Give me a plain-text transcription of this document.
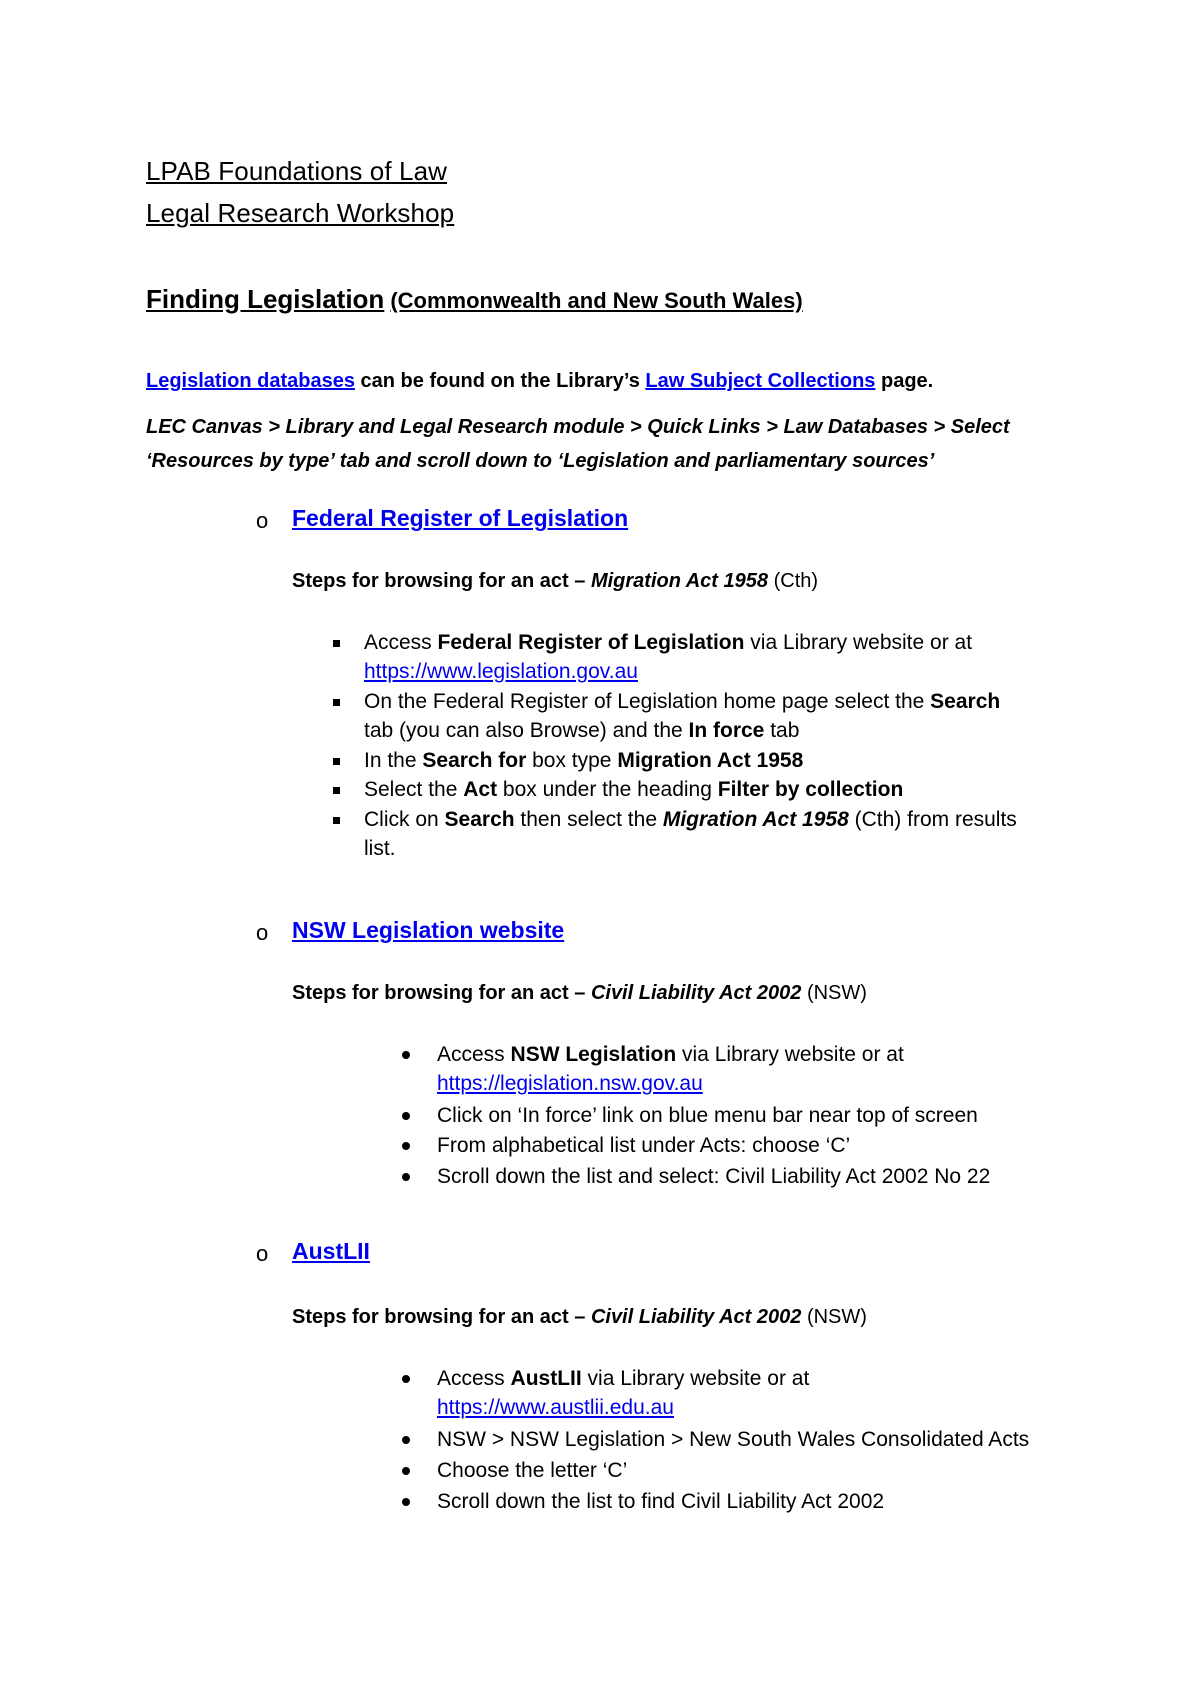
LPAB Foundations of Law
Legal Research Workshop
Finding Legislation (Commonwealth and New South Wales)
Legislation databases can be found on the Library’s Law Subject Collections page.
LEC Canvas > Library and Legal Research module > Quick Links > Law Databases > Select
‘Resources by type’ tab and scroll down to ‘Legislation and parliamentary sources’
o Federal Register of Legislation
Steps for browsing for an act – Migration Act 1958 (Cth)
Access Federal Register of Legislation via Library website or at
https://www.legislation.gov.au
On the Federal Register of Legislation home page select the Search
tab (you can also Browse) and the In force tab
In the Search for box type Migration Act 1958
Select the Act box under the heading Filter by collection
Click on Search then select the Migration Act 1958 (Cth) from results
list.
o NSW Legislation website
Steps for browsing for an act – Civil Liability Act 2002 (NSW)
Access NSW Legislation via Library website or at
https://legislation.nsw.gov.au
Click on ‘In force’ link on blue menu bar near top of screen
From alphabetical list under Acts: choose ‘C’
Scroll down the list and select: Civil Liability Act 2002 No 22
o AustLII
Steps for browsing for an act – Civil Liability Act 2002 (NSW)
Access AustLII via Library website or at
https://www.austlii.edu.au
NSW > NSW Legislation > New South Wales Consolidated Acts
Choose the letter ‘C’
Scroll down the list to find Civil Liability Act 2002
